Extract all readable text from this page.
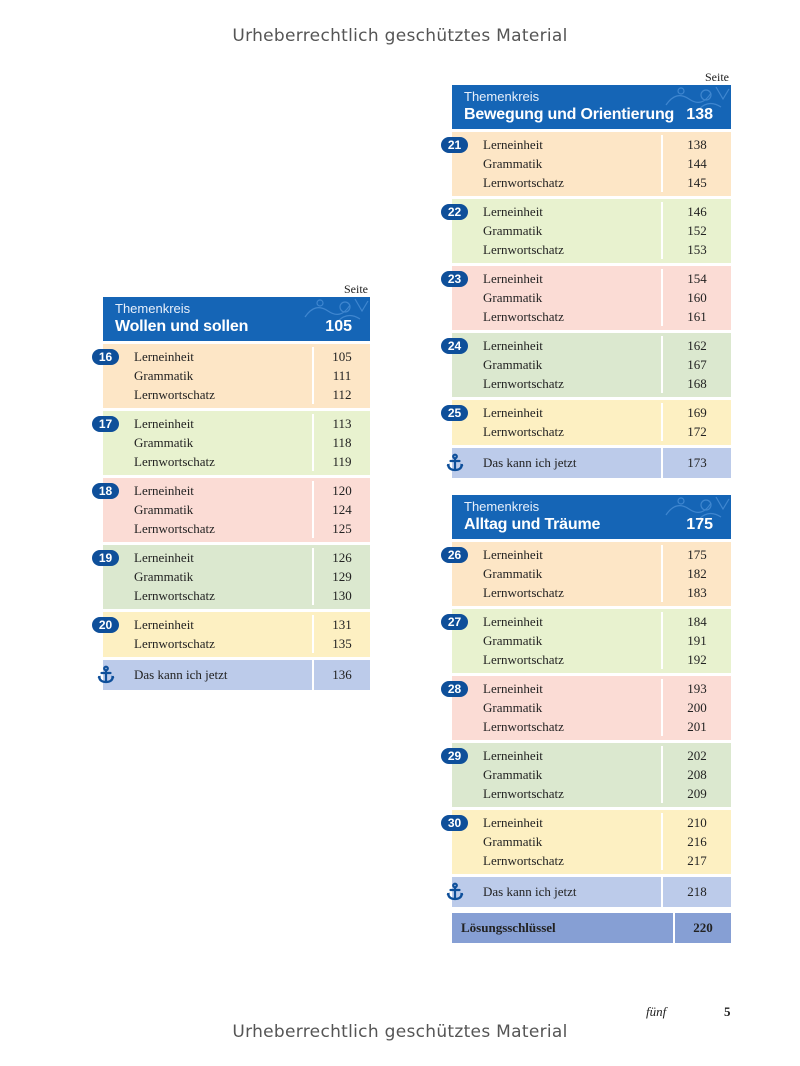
Urheberrechtlich geschütztes Material
Seite
Themenkreis
Wollen und sollen	105
Lerneinheit	105
Grammatik	111
Lernwortschatz	112
16
Lerneinheit	113
Grammatik	118
Lernwortschatz	119
17
Lerneinheit	120
Grammatik	124
Lernwortschatz	125
18
Lerneinheit	126
Grammatik	129
Lernwortschatz	130
19
Lerneinheit	131
Lernwortschatz	135
20
Das kann ich jetzt	136
Seite
Themenkreis
Bewegung und Orientierung 138
Lerneinheit	138
Grammatik	144
Lernwortschatz	145
21
Lerneinheit	146
Grammatik	152
Lernwortschatz	153
22
Lerneinheit	154
Grammatik	160
Lernwortschatz	161
23
Lerneinheit	162
Grammatik	167
Lernwortschatz	168
24
Lerneinheit	169
Lernwortschatz	172
25
Das kann ich jetzt	173
Themenkreis
Alltag und Träume	175
Lerneinheit	175
Grammatik	182
Lernwortschatz	183
26
Lerneinheit	184
Grammatik	191
Lernwortschatz	192
27
Lerneinheit	193
Grammatik	200
Lernwortschatz	201
28
Lerneinheit	202
Grammatik	208
Lernwortschatz	209
29
Lerneinheit	210
Grammatik	216
Lernwortschatz	217
30
Das kann ich jetzt	218
Lösungsschlüssel	220
fünf	5
Urheberrechtlich geschütztes Material
